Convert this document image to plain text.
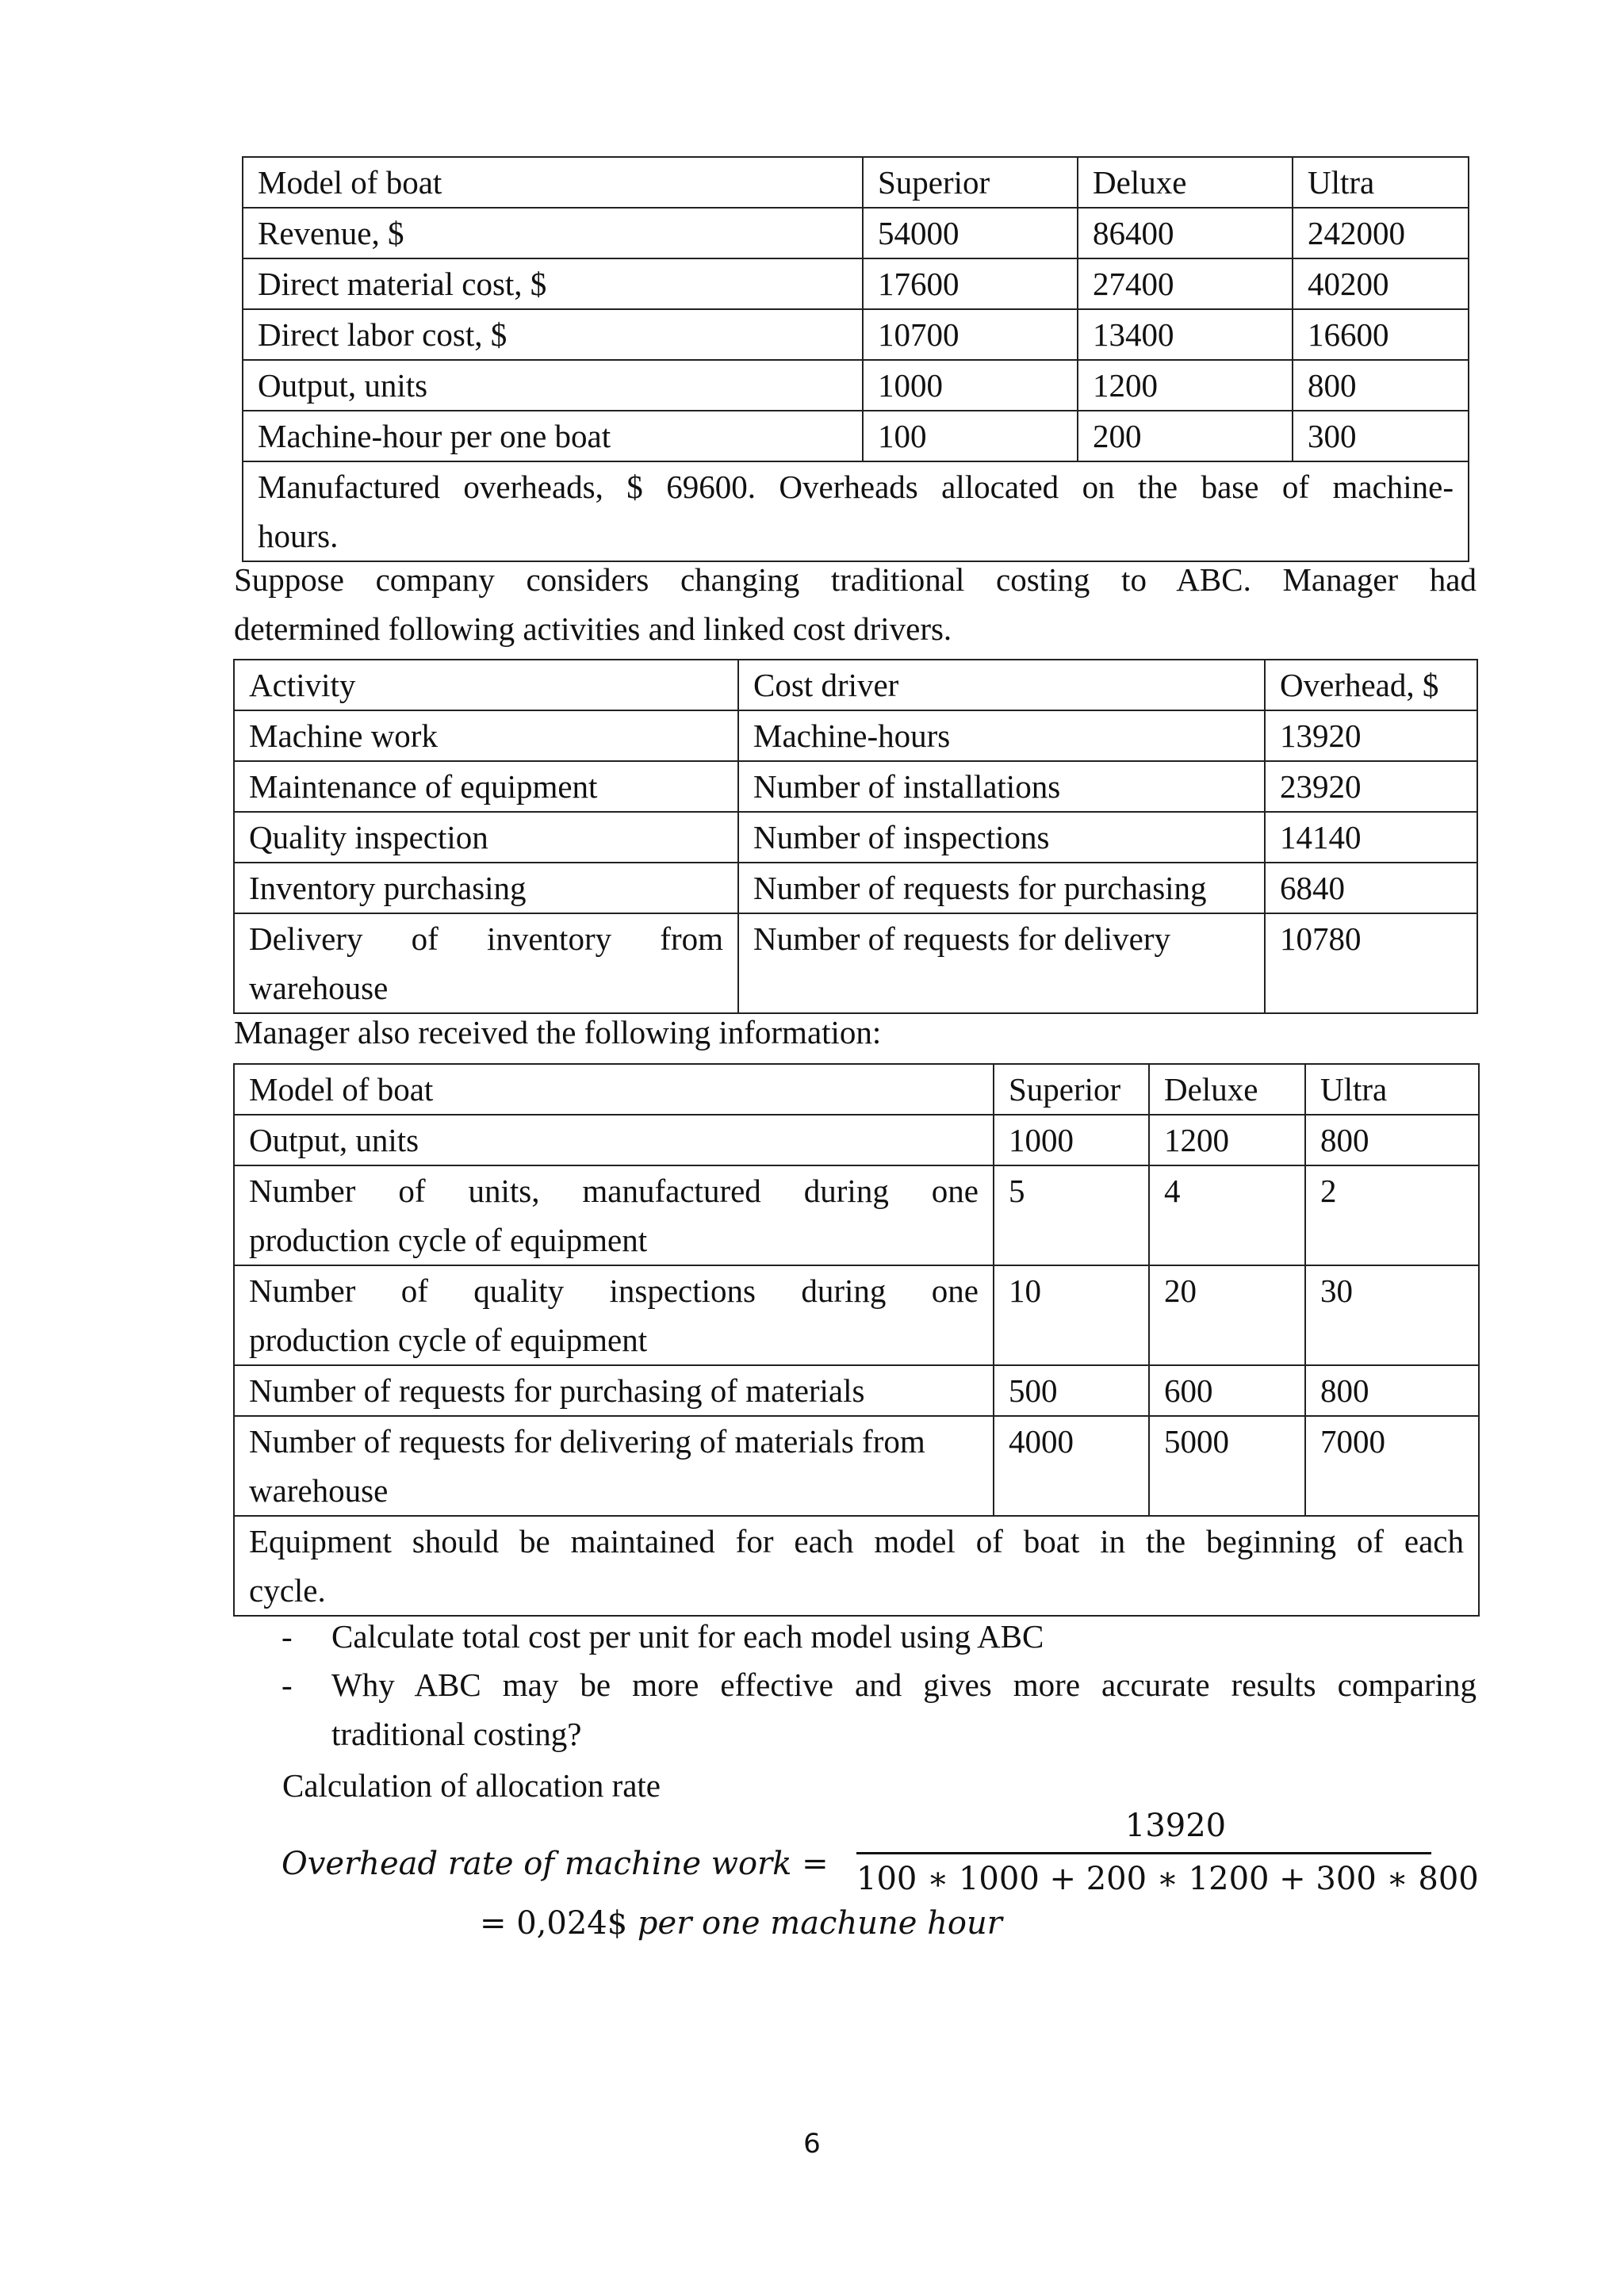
Model of boat	Superior	Deluxe	Ultra
Revenue, $	54000	86400	242000
Direct material cost, $	17600	27400	40200
Direct labor cost, $	10700	13400	16600
Output, units	1000	1200	800
Machine-hour per one boat	100	200	300

Manufactured overheads, $ 69600. Overheads allocated on the base of machine-
hours.			
Suppose company considers changing traditional costing to ABC. Manager had
determined following activities and linked cost drivers.
Activity	Cost driver	Overhead, $
Machine work	Machine-hours	13920
Maintenance of equipment	Number of installations	23920
Quality inspection	Number of inspections	14140
Inventory purchasing	Number of requests for purchasing	6840

Delivery of inventory from
warehouse	Number of requests for delivery	10780
Manager also received the following information:
Model of boat	Superior	Deluxe	Ultra
Output, units	1000	1200	800

Number of units, manufactured during one
production cycle of equipment	5	4	2

Number of quality inspections during one
production cycle of equipment	10	20	30
Number of requests for purchasing of materials	500	600	800

Number of requests for delivering of materials from
warehouse	4000	5000	7000

Equipment should be maintained for each model of boat in the beginning of each
cycle.			
- Calculate total cost per unit for each model using ABC
- Why ABC may be more effective and gives more accurate results comparing
traditional costing?
Calculation of allocation rate
Overhead rate of machine work =
13920
100 ∗ 1000 + 200 ∗ 1200 + 300 ∗ 800
= 0,024$ per one machune hour
6
